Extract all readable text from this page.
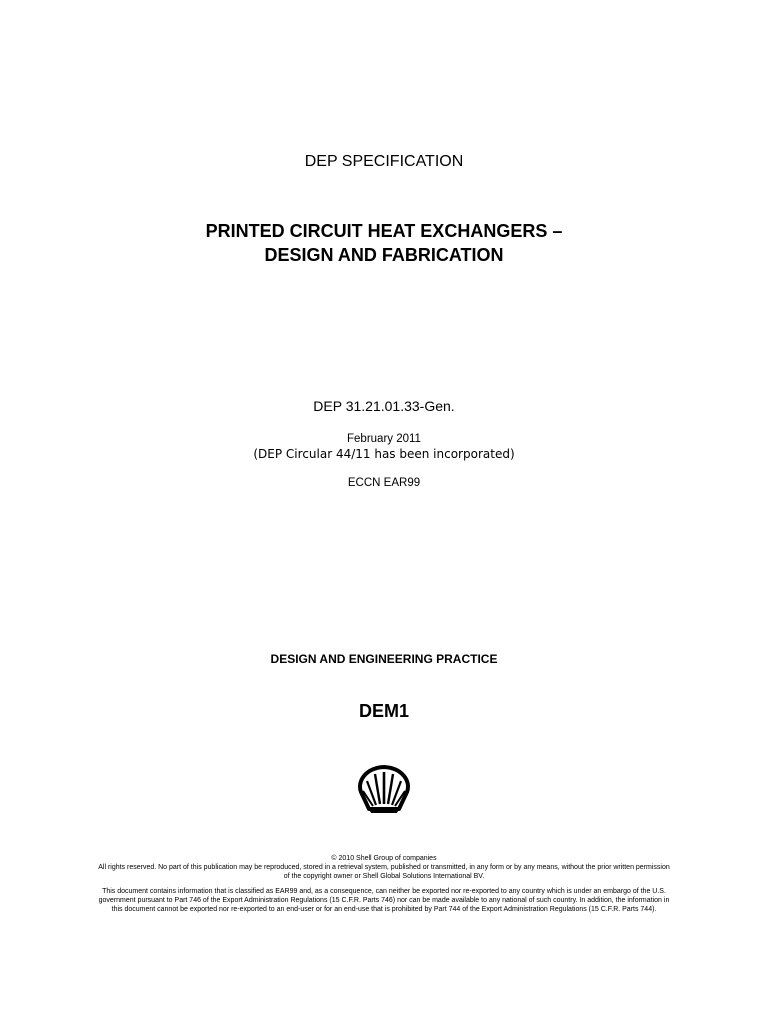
DEP SPECIFICATION
PRINTED CIRCUIT HEAT EXCHANGERS –
DESIGN AND FABRICATION
DEP 31.21.01.33-Gen.
February 2011
(DEP Circular 44/11 has been incorporated)
ECCN EAR99
DESIGN AND ENGINEERING PRACTICE
DEM1
© 2010 Shell Group of companies
All rights reserved. No part of this publication may be reproduced, stored in a retrieval system, published or transmitted, in any form or by any means, without the prior written permission of the copyright owner or Shell Global Solutions International BV.
This document contains information that is classified as EAR99 and, as a consequence, can neither be exported nor re-exported to any country which is under an embargo of the U.S. government pursuant to Part 746 of the Export Administration Regulations (15 C.F.R. Parts 746) nor can be made available to any national of such country. In addition, the information in this document cannot be exported nor re-exported to an end-user or for an end-use that is prohibited by Part 744 of the Export Administration Regulations (15 C.F.R. Parts 744).
